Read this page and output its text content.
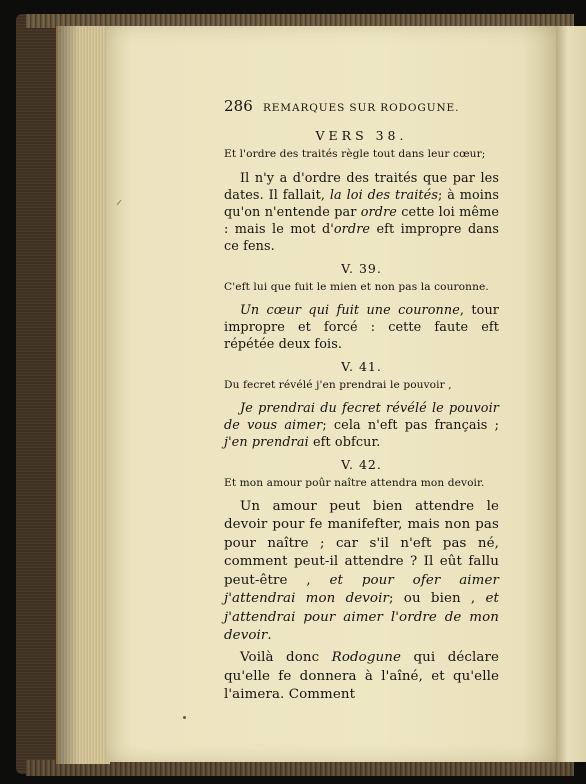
286 REMARQUES SUR RODOGUNE.
VERS 38.
Et l'ordre des traités règle tout dans leur cœur;
Il n'y a d'ordre des traités que par les dates. Il fallait, la loi des traités; à moins qu'on n'entende par ordre cette loi même : mais le mot d'ordre eft impropre dans ce fens.
V. 39.
C'eft lui que fuit le mien et non pas la couronne.
Un cœur qui fuit une couronne, tour impropre et forcé : cette faute eft répétée deux fois.
V. 41.
Du fecret révélé j'en prendrai le pouvoir ,
Je prendrai du fecret révélé le pouvoir de vous aimer; cela n'eft pas français ; j'en prendrai eft obfcur.
V. 42.
Et mon amour poûr naître attendra mon devoir.
Un amour peut bien attendre le devoir pour fe manifefter, mais non pas pour naître ; car s'il n'eft pas né, comment peut-il attendre ? Il eût fallu peut-être , et pour ofer aimer j'attendrai mon devoir; ou bien , et j'attendrai pour aimer l'ordre de mon devoir.
Voilà donc Rodogune qui déclare qu'elle fe donnera à l'aîné, et qu'elle l'aimera. Comment
